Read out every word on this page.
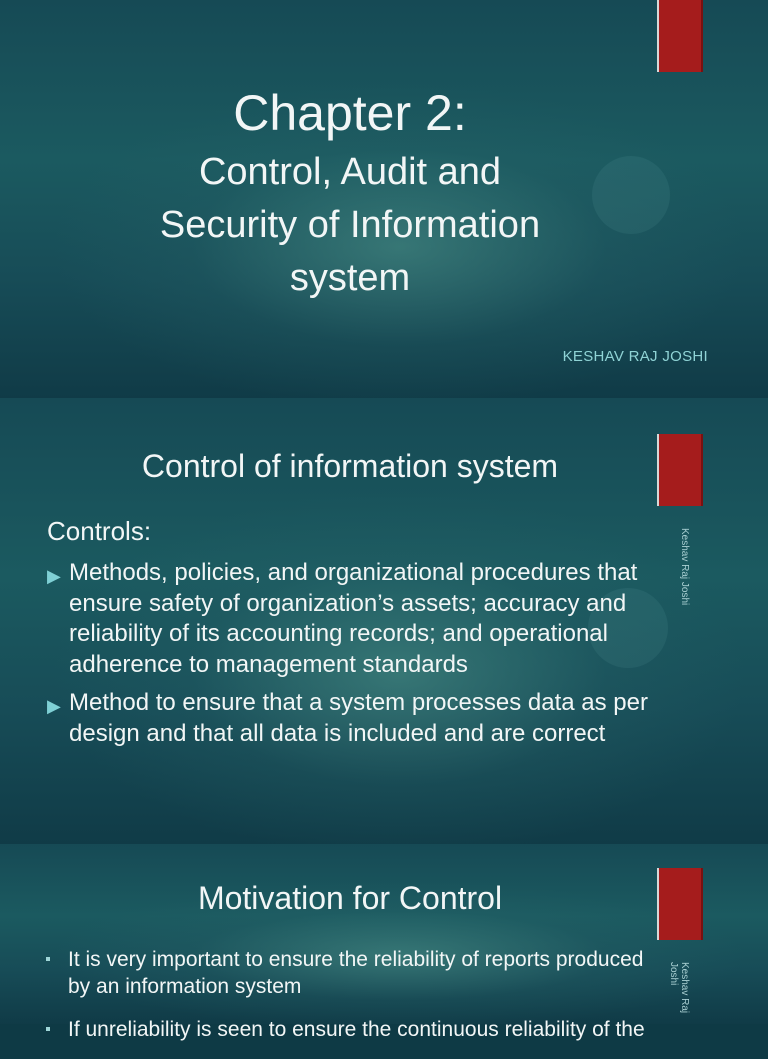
Chapter 2:
Control, Audit and
Security of Information
system
KESHAV RAJ JOSHI
Control of information system
Controls:
▶ Methods, policies, and organizational procedures that ensure safety of organization’s assets; accuracy and reliability of its accounting records; and operational adherence to management standards
▶ Method to ensure that a system processes data as per design and that all data is included and are correct
Keshav Raj Joshi
Motivation for Control
It is very important to ensure the reliability of reports produced by an information system
If unreliability is seen to ensure the continuous reliability of the
Keshav Raj Joshi
